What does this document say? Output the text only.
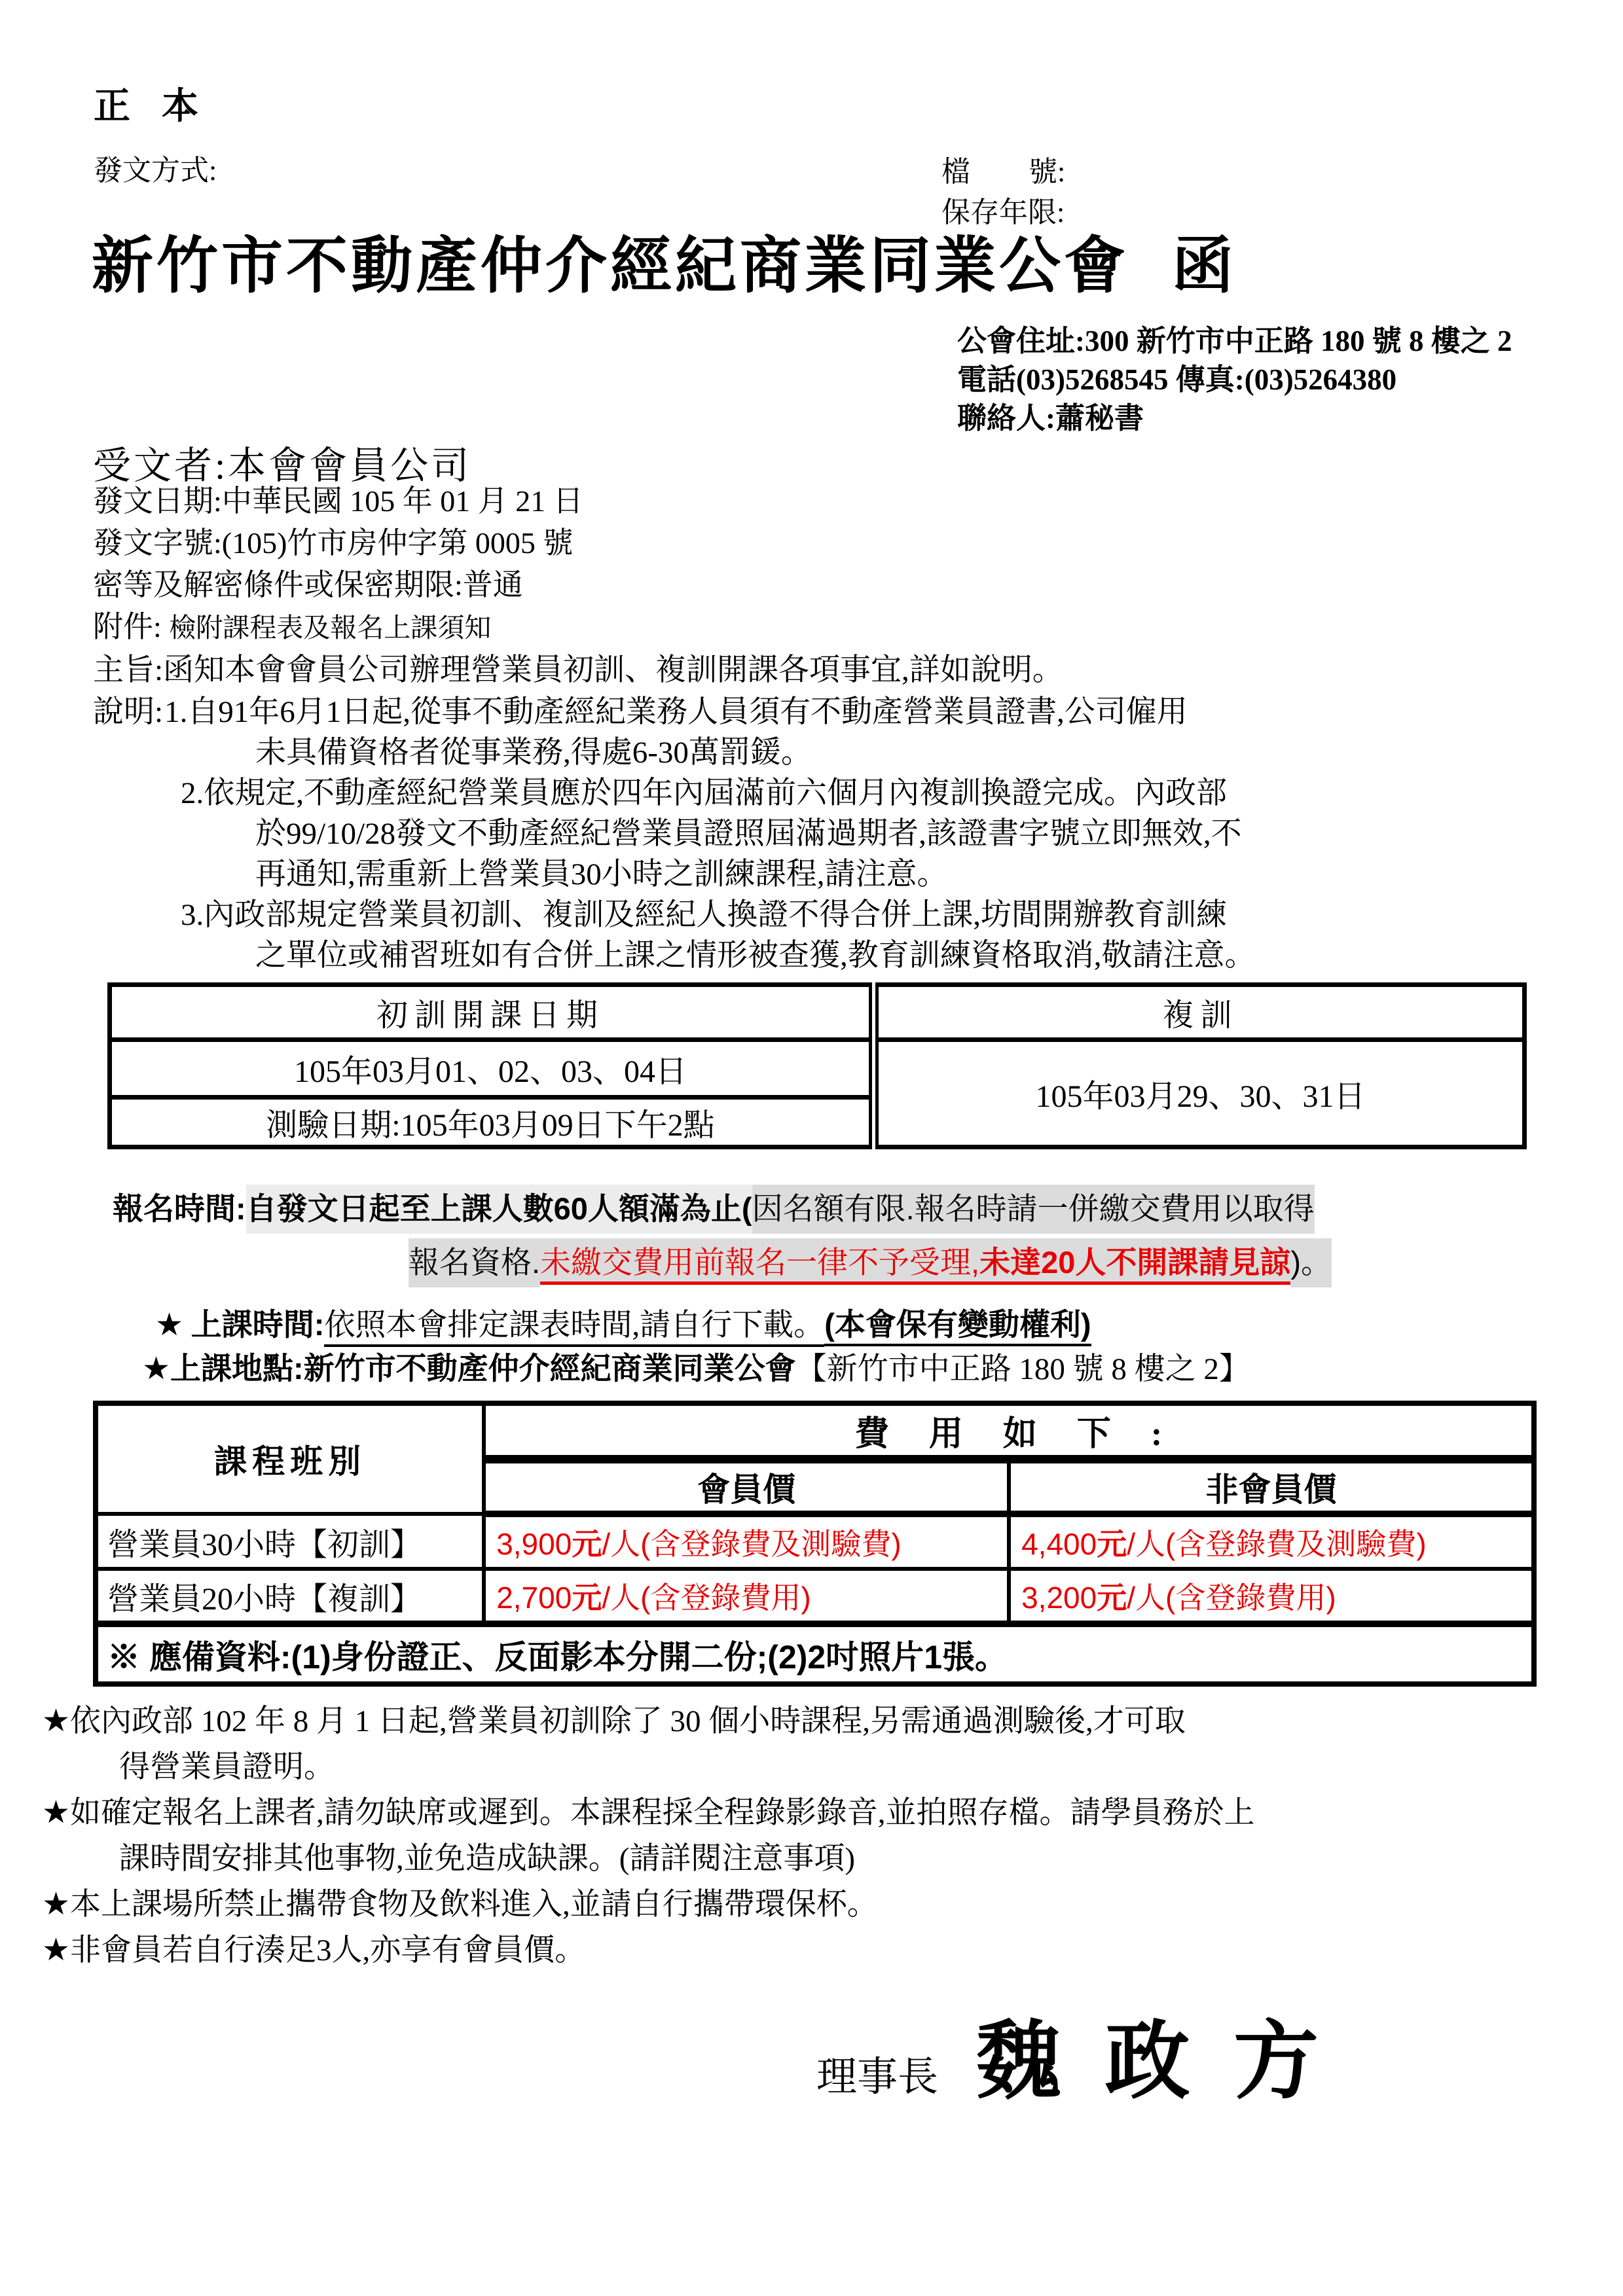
正 本
發文方式:	檔 號:
保存年限:
新竹市不動產仲介經紀商業同業公會 函
公會住址:300 新竹市中正路 180 號 8 樓之 2
電話(03)5268545 傳真:(03)5264380
聯絡人:蕭秘書
受文者:本會會員公司
發文日期:中華民國 105 年 01 月 21 日
發文字號:(105)竹市房仲字第 0005 號
密等及解密條件或保密期限:普通
附件: 檢附課程表及報名上課須知
主旨:函知本會會員公司辦理營業員初訓、複訓開課各項事宜,詳如說明。
說明:1.自91年6月1日起,從事不動產經紀業務人員須有不動產營業員證書,公司僱用
未具備資格者從事業務,得處6-30萬罰鍰。
2.依規定,不動產經紀營業員應於四年內屆滿前六個月內複訓換證完成。內政部
於99/10/28發文不動產經紀營業員證照屆滿過期者,該證書字號立即無效,不
再通知,需重新上營業員30小時之訓練課程,請注意。
3.內政部規定營業員初訓、複訓及經紀人換證不得合併上課,坊間開辦教育訓練
之單位或補習班如有合併上課之情形被查獲,教育訓練資格取消,敬請注意。
初訓開課日期	複訓
105年03月01、02、03、04日	105年03月29、30、31日
測驗日期:105年03月09日下午2點	
報名時間:自發文日起至上課人數60人額滿為止(因名額有限.報名時請一併繳交費用以取得
報名資格.未繳交費用前報名一律不予受理,未達20人不開課請見諒)。
★ 上課時間:依照本會排定課表時間,請自行下載。(本會保有變動權利)
★上課地點:新竹市不動產仲介經紀商業同業公會【新竹市中正路 180 號 8 樓之 2】
課程班別	費 用 如 下 :	
	會員價	非會員價
營業員30小時【初訓】	3,900元/人(含登錄費及測驗費)	4,400元/人(含登錄費及測驗費)
營業員20小時【複訓】	2,700元/人(含登錄費用)	3,200元/人(含登錄費用)
※ 應備資料:(1)身份證正、反面影本分開二份;(2)2吋照片1張。		
★依內政部 102 年 8 月 1 日起,營業員初訓除了 30 個小時課程,另需通過測驗後,才可取
得營業員證明。
★如確定報名上課者,請勿缺席或遲到。本課程採全程錄影錄音,並拍照存檔。請學員務於上
課時間安排其他事物,並免造成缺課。(請詳閱注意事項)
★本上課場所禁止攜帶食物及飲料進入,並請自行攜帶環保杯。
★非會員若自行湊足3人,亦享有會員價。
理事長 魏 政 方
